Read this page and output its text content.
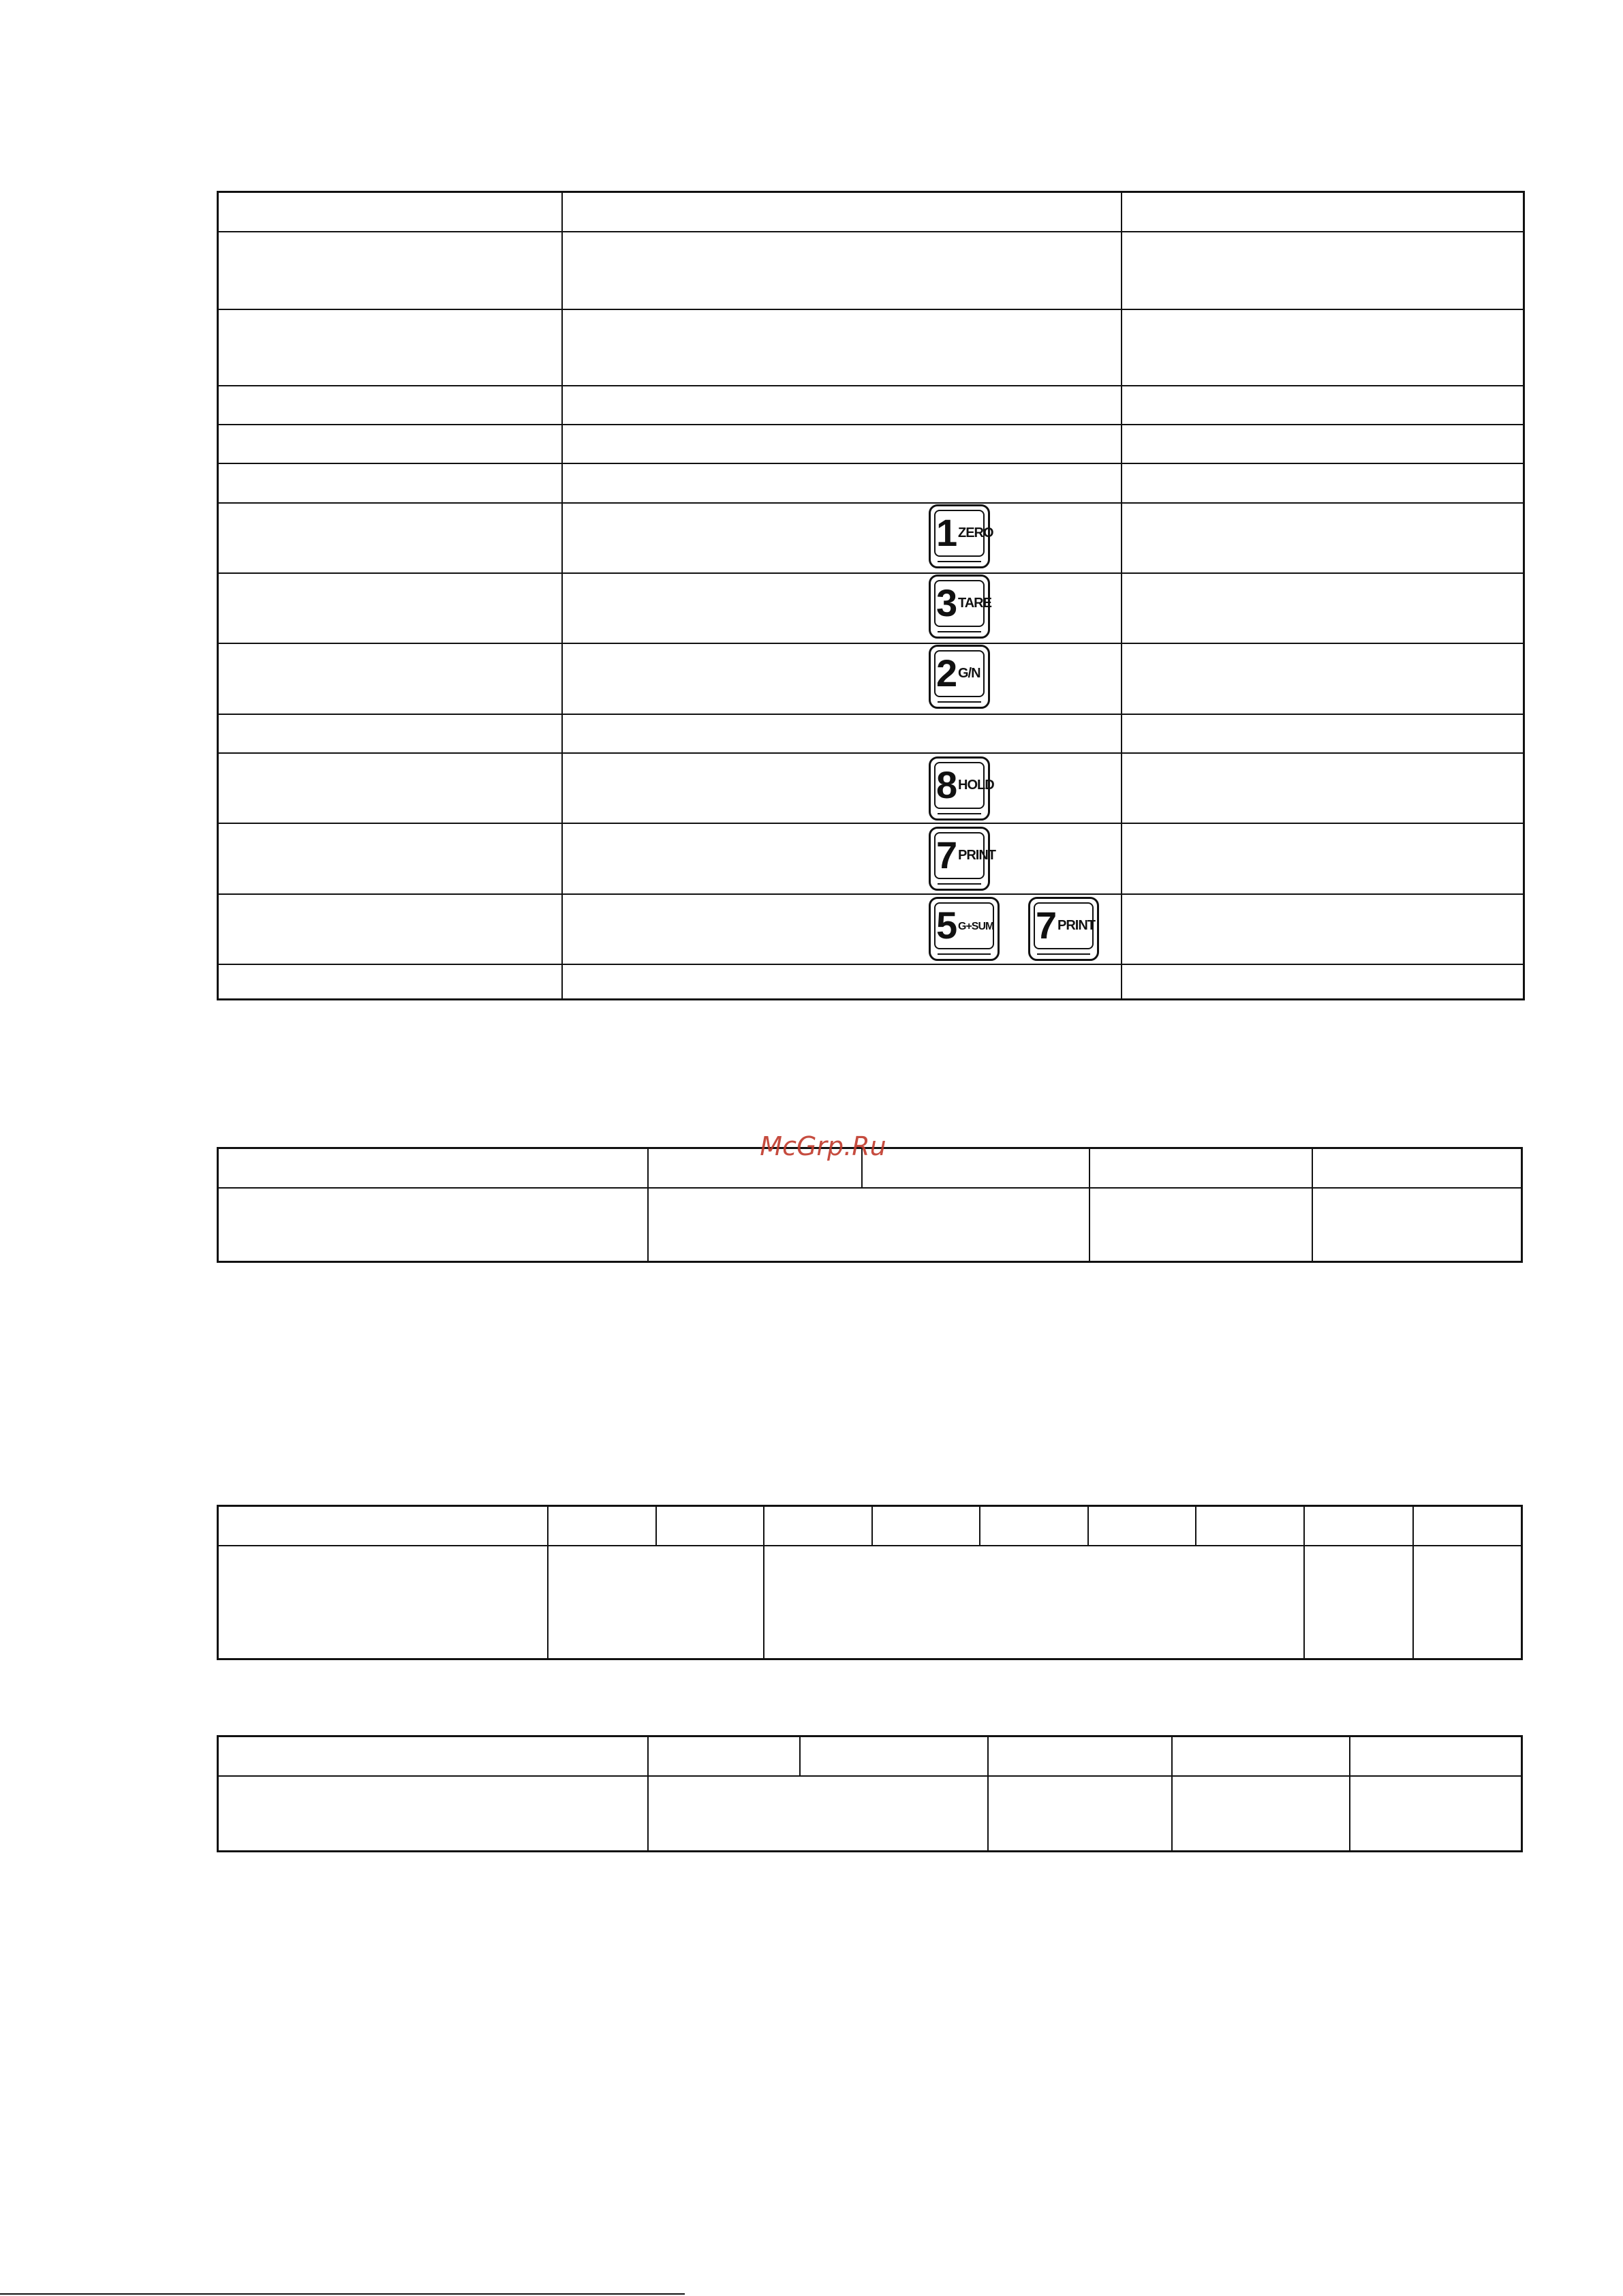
1 ZERO
3 TARE
2 G/N
8 HOLD
7 PRINT
5 G+SUM 7 PRINT
McGrp.Ru
